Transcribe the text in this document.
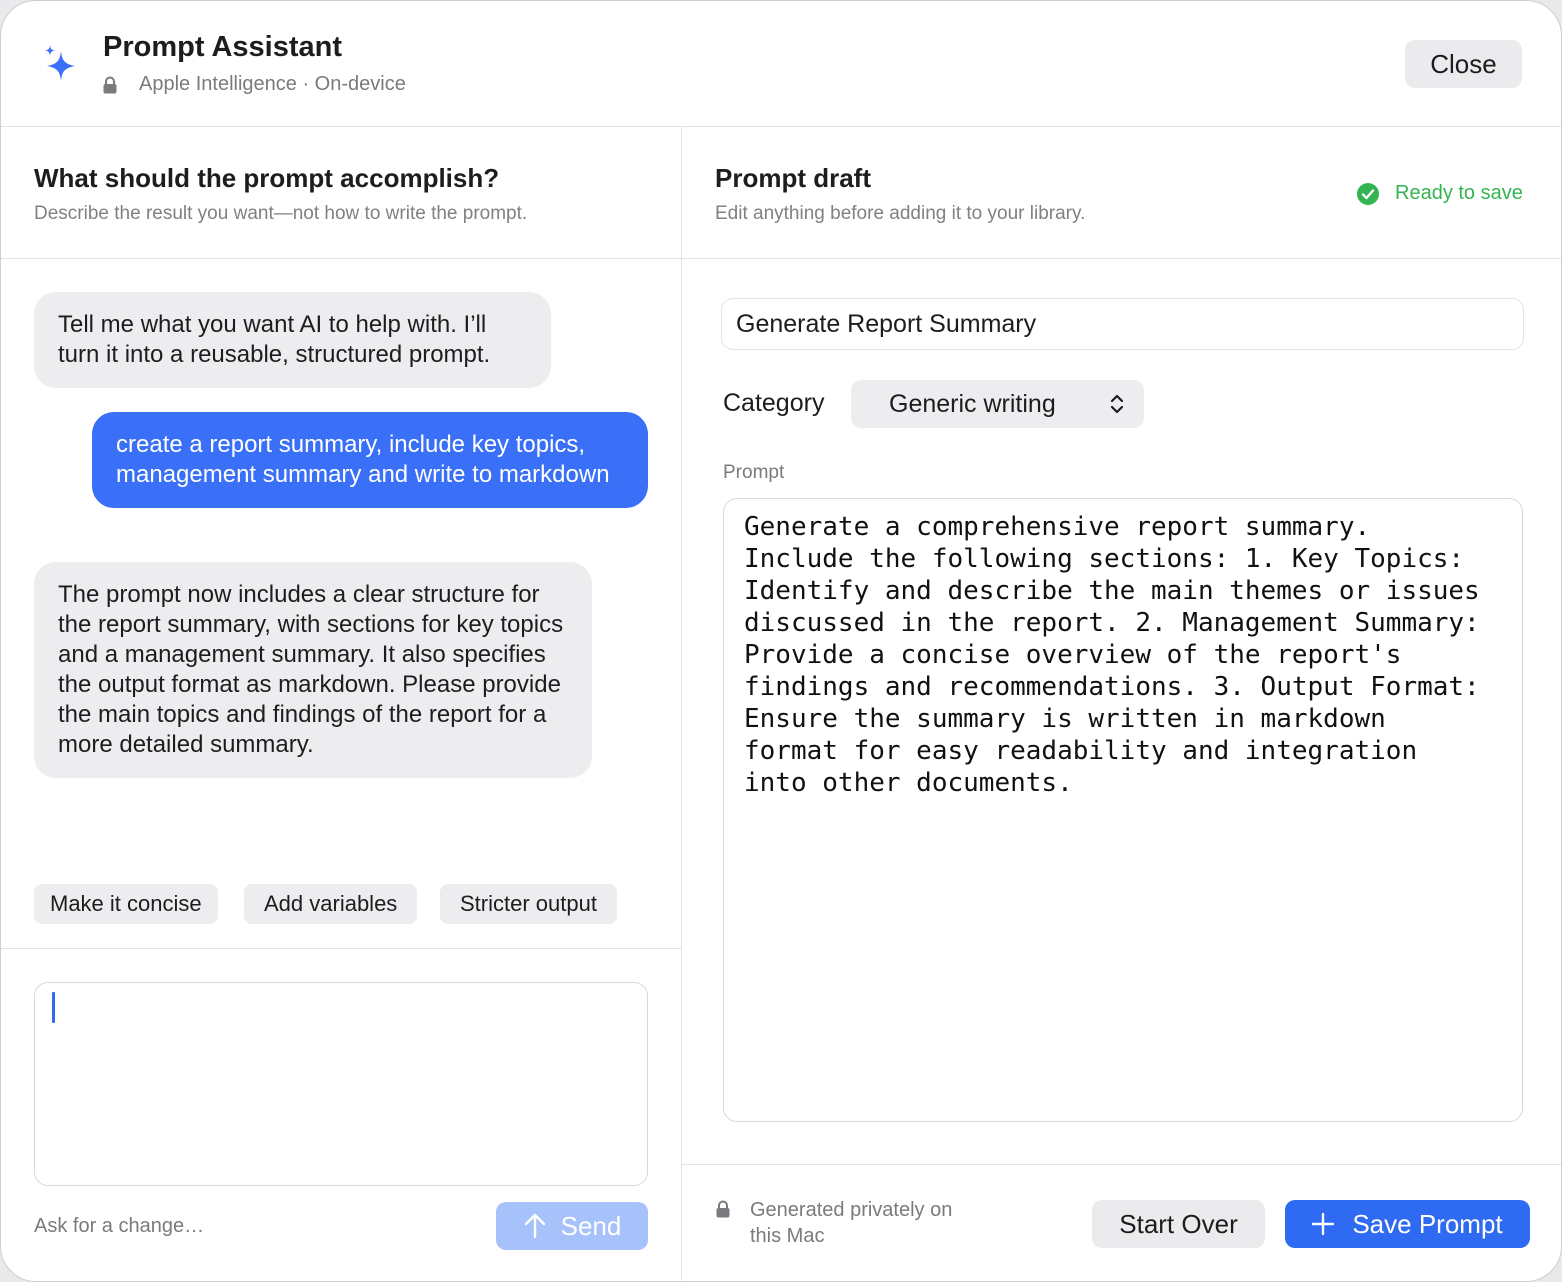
Prompt Assistant
Apple Intelligence · On-device
Close
What should the prompt accomplish?
Describe the result you want—not how to write the prompt.
Tell me what you want AI to help with. I’ll turn it into a reusable, structured prompt.
create a report summary, include key topics, management summary and write to markdown
The prompt now includes a clear structure for the report summary, with sections for key topics and a management summary. It also specifies the output format as markdown. Please provide the main topics and findings of the report for a more detailed summary.
Make it concise	Add variables	Stricter output
Ask for a change…	Send
Prompt draft
Edit anything before adding it to your library.
Ready to save
Generate Report Summary
Category	Generic writing
Prompt
Generate a comprehensive report summary.
Include the following sections: 1. Key Topics:
Identify and describe the main themes or issues
discussed in the report. 2. Management Summary:
Provide a concise overview of the report's
findings and recommendations. 3. Output Format:
Ensure the summary is written in markdown
format for easy readability and integration
into other documents.
Generated privately on
this Mac	Start Over	Save Prompt
